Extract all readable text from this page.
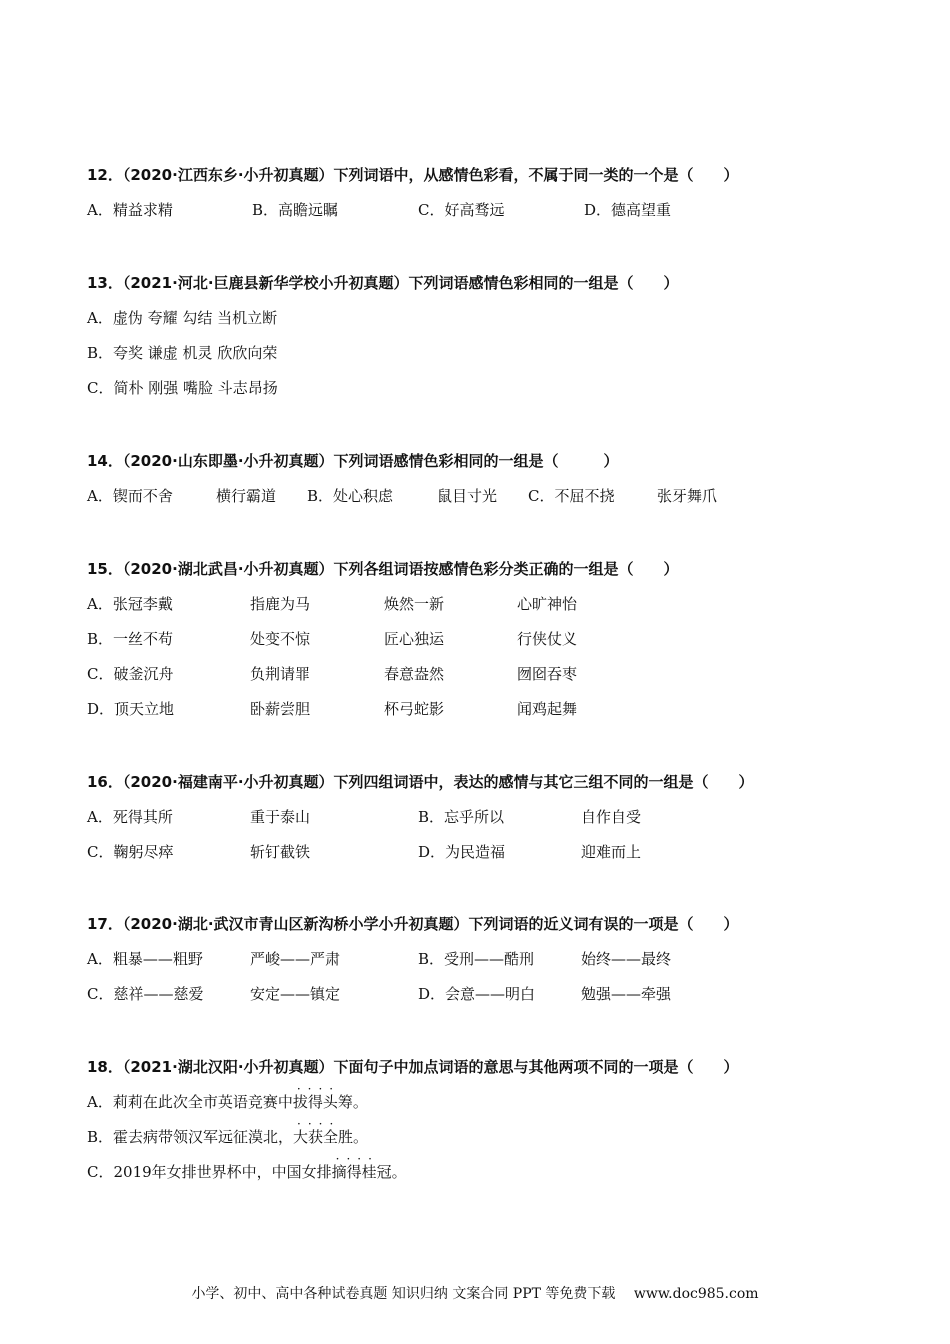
12．（2020·江西东乡·小升初真题）下列词语中，从感情色彩看，不属于同一类的一个是（　　）
A．精益求精	B．高瞻远瞩	C．好高骛远	D．德高望重
13．（2021·河北·巨鹿县新华学校小升初真题）下列词语感情色彩相同的一组是（　　）
A．虚伪 夸耀 勾结 当机立断
B．夸奖 谦虚 机灵 欣欣向荣
C．简朴 刚强 嘴脸 斗志昂扬
14．（2020·山东即墨·小升初真题）下列词语感情色彩相同的一组是（　　　）
A．锲而不舍	横行霸道 B．处心积虑	鼠目寸光 C．不屈不挠	张牙舞爪
15．（2020·湖北武昌·小升初真题）下列各组词语按感情色彩分类正确的一组是（　　）
A．张冠李戴	指鹿为马	焕然一新	心旷神怡
B．一丝不苟	处变不惊	匠心独运	行侠仗义
C．破釜沉舟	负荆请罪	春意盎然	囫囵吞枣
D．顶天立地	卧薪尝胆	杯弓蛇影	闻鸡起舞
16．（2020·福建南平·小升初真题）下列四组词语中，表达的感情与其它三组不同的一组是（　　）
A．死得其所	重于泰山	B．忘乎所以	自作自受
C．鞠躬尽瘁	斩钉截铁	D．为民造福	迎难而上
17．（2020·湖北·武汉市青山区新沟桥小学小升初真题）下列词语的近义词有误的一项是（　　）
A．粗暴——粗野	严峻——严肃	B．受刑——酷刑	始终——最终
C．慈祥——慈爱	安定——镇定	D．会意——明白	勉强——牵强
18．（2021·湖北汉阳·小升初真题）下面句子中加点词语的意思与其他两项不同的一项是（　　）
A．莉莉在此次全市英语竞赛中
····
拔得头筹。
B．霍去病带领汉军远征漠北，
····
大获全胜。
C．2019年女排世界杯中，中国女排
····
摘得桂冠。
小学、初中、高中各种试卷真题 知识归纳 文案合同 PPT 等免费下载　 www.doc985.com
